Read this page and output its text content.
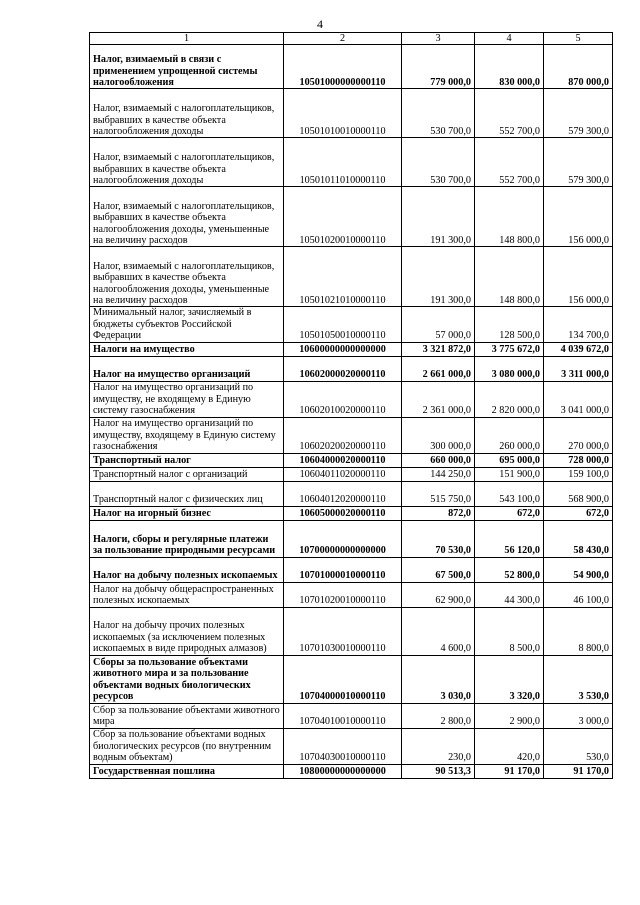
4
1	2	3	4	5
Налог, взимаемый в связи с применением упрощенной системы налогообложения	10501000000000110	779 000,0	830 000,0	870 000,0
Налог, взимаемый с налогоплательщиков, выбравших в качестве объекта налогообложения доходы	10501010010000110	530 700,0	552 700,0	579 300,0
Налог, взимаемый с налогоплательщиков, выбравших в качестве объекта налогообложения доходы	10501011010000110	530 700,0	552 700,0	579 300,0
Налог, взимаемый с налогоплательщиков, выбравших в качестве объекта налогообложения доходы, уменьшенные на величину расходов	10501020010000110	191 300,0	148 800,0	156 000,0
Налог, взимаемый с налогоплательщиков, выбравших в качестве объекта налогообложения доходы, уменьшенные на величину расходов	10501021010000110	191 300,0	148 800,0	156 000,0
Минимальный налог, зачисляемый в бюджеты субъектов Российской Федерации	10501050010000110	57 000,0	128 500,0	134 700,0
Налоги на имущество	10600000000000000	3 321 872,0	3 775 672,0	4 039 672,0
Налог на имущество организаций	10602000020000110	2 661 000,0	3 080 000,0	3 311 000,0
Налог на имущество организаций по имуществу, не входящему в Единую систему газоснабжения	10602010020000110	2 361 000,0	2 820 000,0	3 041 000,0
Налог на имущество организаций по имуществу, входящему в Единую систему газоснабжения	10602020020000110	300 000,0	260 000,0	270 000,0
Транспортный налог	10604000020000110	660 000,0	695 000,0	728 000,0
Транспортный налог с организаций	10604011020000110	144 250,0	151 900,0	159 100,0
Транспортный налог с физических лиц	10604012020000110	515 750,0	543 100,0	568 900,0
Налог на игорный бизнес	10605000020000110	872,0	672,0	672,0
Налоги, сборы и регулярные платежи за пользование природными ресурсами	10700000000000000	70 530,0	56 120,0	58 430,0
Налог на добычу полезных ископаемых	10701000010000110	67 500,0	52 800,0	54 900,0
Налог на добычу общераспространенных полезных ископаемых	10701020010000110	62 900,0	44 300,0	46 100,0
Налог на добычу прочих полезных ископаемых (за исключением полезных ископаемых в виде природных алмазов)	10701030010000110	4 600,0	8 500,0	8 800,0
Сборы за пользование объектами животного мира и за пользование объектами водных биологических ресурсов	10704000010000110	3 030,0	3 320,0	3 530,0
Сбор за пользование объектами животного мира	10704010010000110	2 800,0	2 900,0	3 000,0
Сбор за пользование объектами водных биологических ресурсов (по внутренним водным объектам)	10704030010000110	230,0	420,0	530,0
Государственная пошлина	10800000000000000	90 513,3	91 170,0	91 170,0
